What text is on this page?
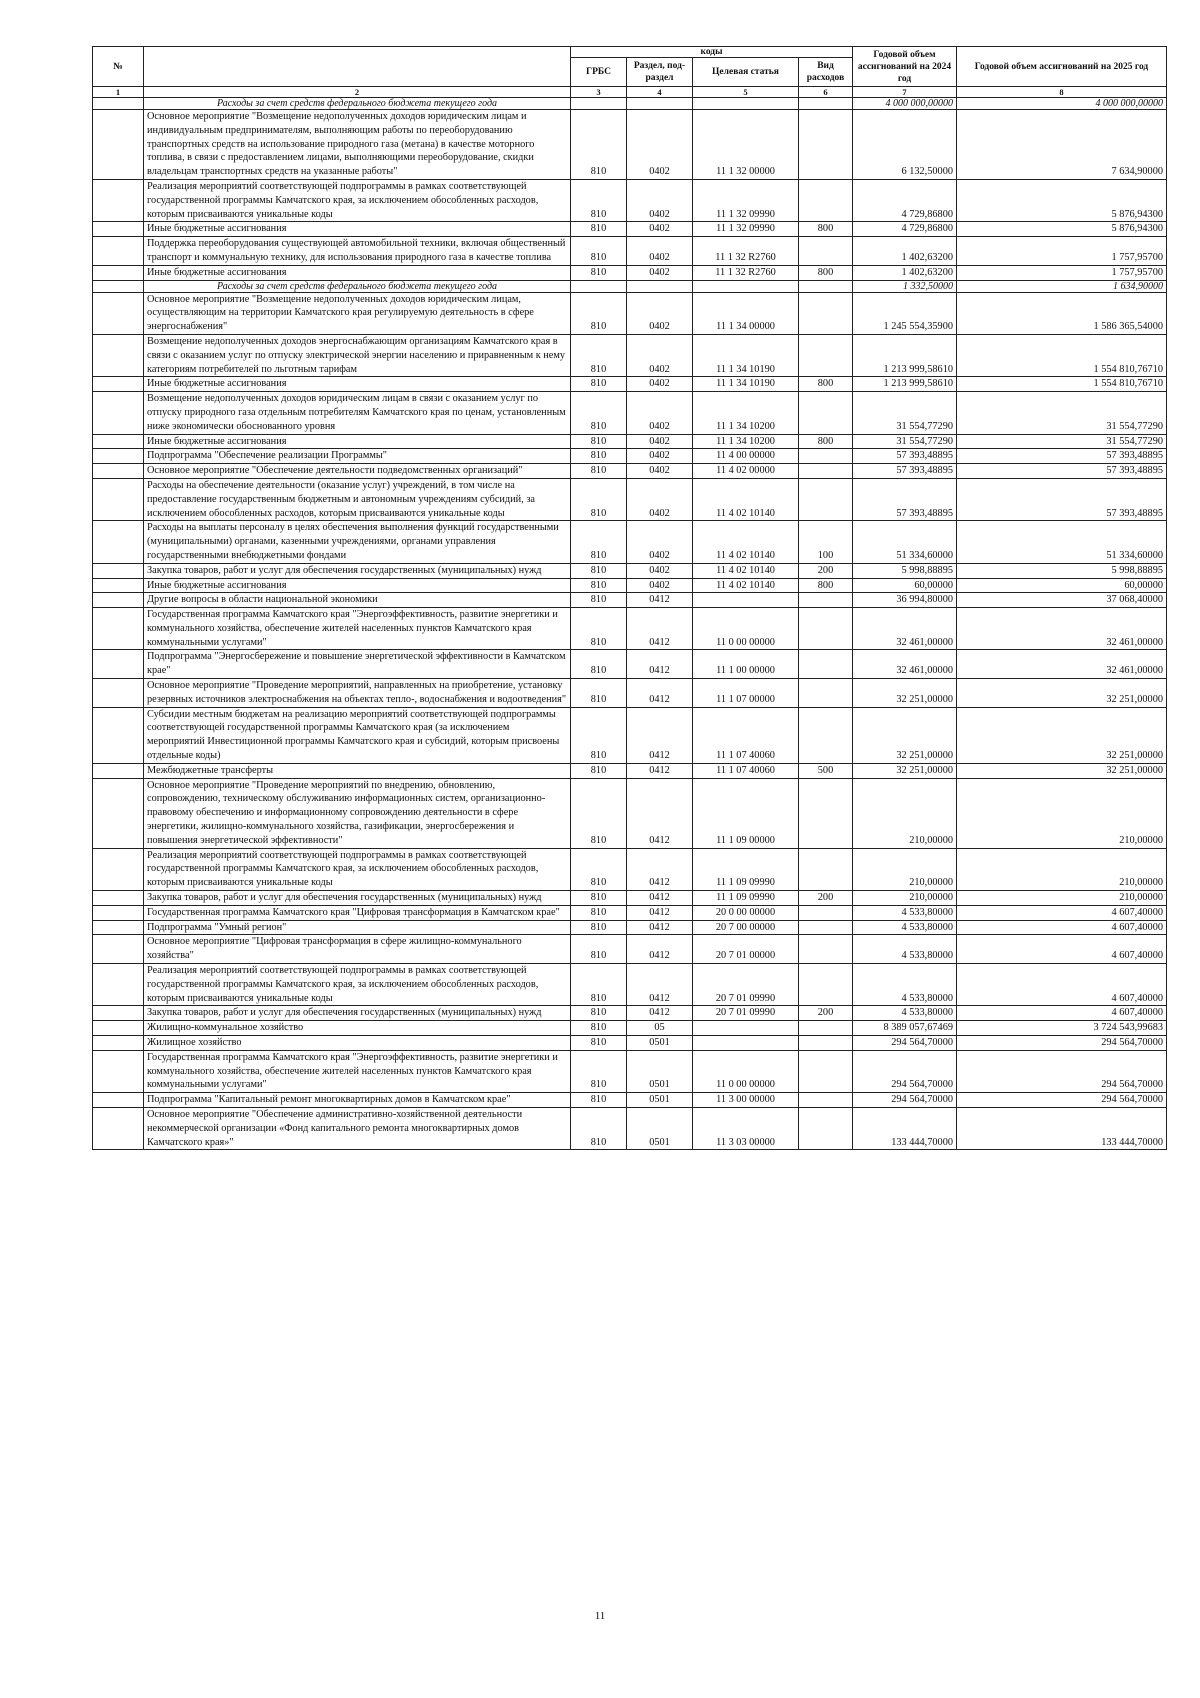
№		коды				Годовой объем ассигнований на 2024 год	Годовой объем ассигнований на 2025 год
		ГРБС	Раздел, под-раздел	Целевая статья	Вид расходов		
1	2	3	4	5	6	7	8
	Расходы за счет средств федерального бюджета текущего года					4 000 000,00000	4 000 000,00000
	Основное мероприятие "Возмещение недополученных доходов юридическим лицам и индивидуальным предпринимателям, выполняющим работы по переоборудованию транспортных средств на использование природного газа (метана) в качестве моторного топлива, в связи с предоставлением лицами, выполняющими переоборудование, скидки владельцам транспортных средств на указанные работы"	810	0402	11 1 32 00000		6 132,50000	7 634,90000
	Реализация мероприятий соответствующей подпрограммы в рамках соответствующей государственной программы Камчатского края, за исключением обособленных расходов, которым присваиваются уникальные коды	810	0402	11 1 32 09990		4 729,86800	5 876,94300
	Иные бюджетные ассигнования	810	0402	11 1 32 09990	800	4 729,86800	5 876,94300
	Поддержка переоборудования существующей автомобильной техники, включая общественный транспорт и коммунальную технику, для использования природного газа в качестве топлива	810	0402	11 1 32 R2760		1 402,63200	1 757,95700
	Иные бюджетные ассигнования	810	0402	11 1 32 R2760	800	1 402,63200	1 757,95700
	Расходы за счет средств федерального бюджета текущего года					1 332,50000	1 634,90000
	Основное мероприятие "Возмещение недополученных доходов юридическим лицам, осуществляющим на территории Камчатского края регулируемую деятельность в сфере энергоснабжения"	810	0402	11 1 34 00000		1 245 554,35900	1 586 365,54000
	Возмещение недополученных доходов энергоснабжающим организациям Камчатского края в связи с оказанием услуг по отпуску электрической энергии населению и приравненным к нему категориям потребителей по льготным тарифам	810	0402	11 1 34 10190		1 213 999,58610	1 554 810,76710
	Иные бюджетные ассигнования	810	0402	11 1 34 10190	800	1 213 999,58610	1 554 810,76710
	Возмещение недополученных доходов юридическим лицам в связи с оказанием услуг по отпуску природного газа отдельным потребителям Камчатского края по ценам, установленным ниже экономически обоснованного уровня	810	0402	11 1 34 10200		31 554,77290	31 554,77290
	Иные бюджетные ассигнования	810	0402	11 1 34 10200	800	31 554,77290	31 554,77290
	Подпрограмма "Обеспечение реализации Программы"	810	0402	11 4 00 00000		57 393,48895	57 393,48895
	Основное мероприятие "Обеспечение деятельности подведомственных организаций"	810	0402	11 4 02 00000		57 393,48895	57 393,48895
	Расходы на обеспечение деятельности (оказание услуг) учреждений, в том числе на предоставление государственным бюджетным и автономным учреждениям субсидий, за исключением обособленных расходов, которым присваиваются уникальные коды	810	0402	11 4 02 10140		57 393,48895	57 393,48895
	Расходы на выплаты персоналу в целях обеспечения выполнения функций государственными (муниципальными) органами, казенными учреждениями, органами управления государственными внебюджетными фондами	810	0402	11 4 02 10140	100	51 334,60000	51 334,60000
	Закупка товаров, работ и услуг для обеспечения государственных (муниципальных) нужд	810	0402	11 4 02 10140	200	5 998,88895	5 998,88895
	Иные бюджетные ассигнования	810	0402	11 4 02 10140	800	60,00000	60,00000
	Другие вопросы в области национальной экономики	810	0412			36 994,80000	37 068,40000
	Государственная программа Камчатского края "Энергоэффективность, развитие энергетики и коммунального хозяйства, обеспечение жителей населенных пунктов Камчатского края коммунальными услугами"	810	0412	11 0 00 00000		32 461,00000	32 461,00000
	Подпрограмма "Энергосбережение и повышение энергетической эффективности в Камчатском крае"	810	0412	11 1 00 00000		32 461,00000	32 461,00000
	Основное мероприятие "Проведение мероприятий, направленных на приобретение, установку резервных источников электроснабжения на объектах тепло-, водоснабжения и водоотведения"	810	0412	11 1 07 00000		32 251,00000	32 251,00000
	Субсидии местным бюджетам на реализацию мероприятий соответствующей подпрограммы соответствующей государственной программы Камчатского края (за исключением мероприятий Инвестиционной программы Камчатского края и субсидий, которым присвоены отдельные коды)	810	0412	11 1 07 40060		32 251,00000	32 251,00000
	Межбюджетные трансферты	810	0412	11 1 07 40060	500	32 251,00000	32 251,00000
	Основное мероприятие "Проведение мероприятий по внедрению, обновлению, сопровождению, техническому обслуживанию информационных систем, организационно-правовому обеспечению и информационному сопровождению деятельности в сфере энергетики, жилищно-коммунального хозяйства, газификации, энергосбережения и повышения энергетической эффективности"	810	0412	11 1 09 00000		210,00000	210,00000
	Реализация мероприятий соответствующей подпрограммы в рамках соответствующей государственной программы Камчатского края, за исключением обособленных расходов, которым присваиваются уникальные коды	810	0412	11 1 09 09990		210,00000	210,00000
	Закупка товаров, работ и услуг для обеспечения государственных (муниципальных) нужд	810	0412	11 1 09 09990	200	210,00000	210,00000
	Государственная программа Камчатского края "Цифровая трансформация в Камчатском крае"	810	0412	20 0 00 00000		4 533,80000	4 607,40000
	Подпрограмма "Умный регион"	810	0412	20 7 00 00000		4 533,80000	4 607,40000
	Основное мероприятие "Цифровая трансформация в сфере жилищно-коммунального хозяйства"	810	0412	20 7 01 00000		4 533,80000	4 607,40000
	Реализация мероприятий соответствующей подпрограммы в рамках соответствующей государственной программы Камчатского края, за исключением обособленных расходов, которым присваиваются уникальные коды	810	0412	20 7 01 09990		4 533,80000	4 607,40000
	Закупка товаров, работ и услуг для обеспечения государственных (муниципальных) нужд	810	0412	20 7 01 09990	200	4 533,80000	4 607,40000
	Жилищно-коммунальное хозяйство	810	05			8 389 057,67469	3 724 543,99683
	Жилищное хозяйство	810	0501			294 564,70000	294 564,70000
	Государственная программа Камчатского края "Энергоэффективность, развитие энергетики и коммунального хозяйства, обеспечение жителей населенных пунктов Камчатского края коммунальными услугами"	810	0501	11 0 00 00000		294 564,70000	294 564,70000
	Подпрограмма "Капитальный ремонт многоквартирных домов в Камчатском крае"	810	0501	11 3 00 00000		294 564,70000	294 564,70000
	Основное мероприятие "Обеспечение административно-хозяйственной деятельности некоммерческой организации «Фонд капитального ремонта многоквартирных домов Камчатского края»"	810	0501	11 3 03 00000		133 444,70000	133 444,70000
11
